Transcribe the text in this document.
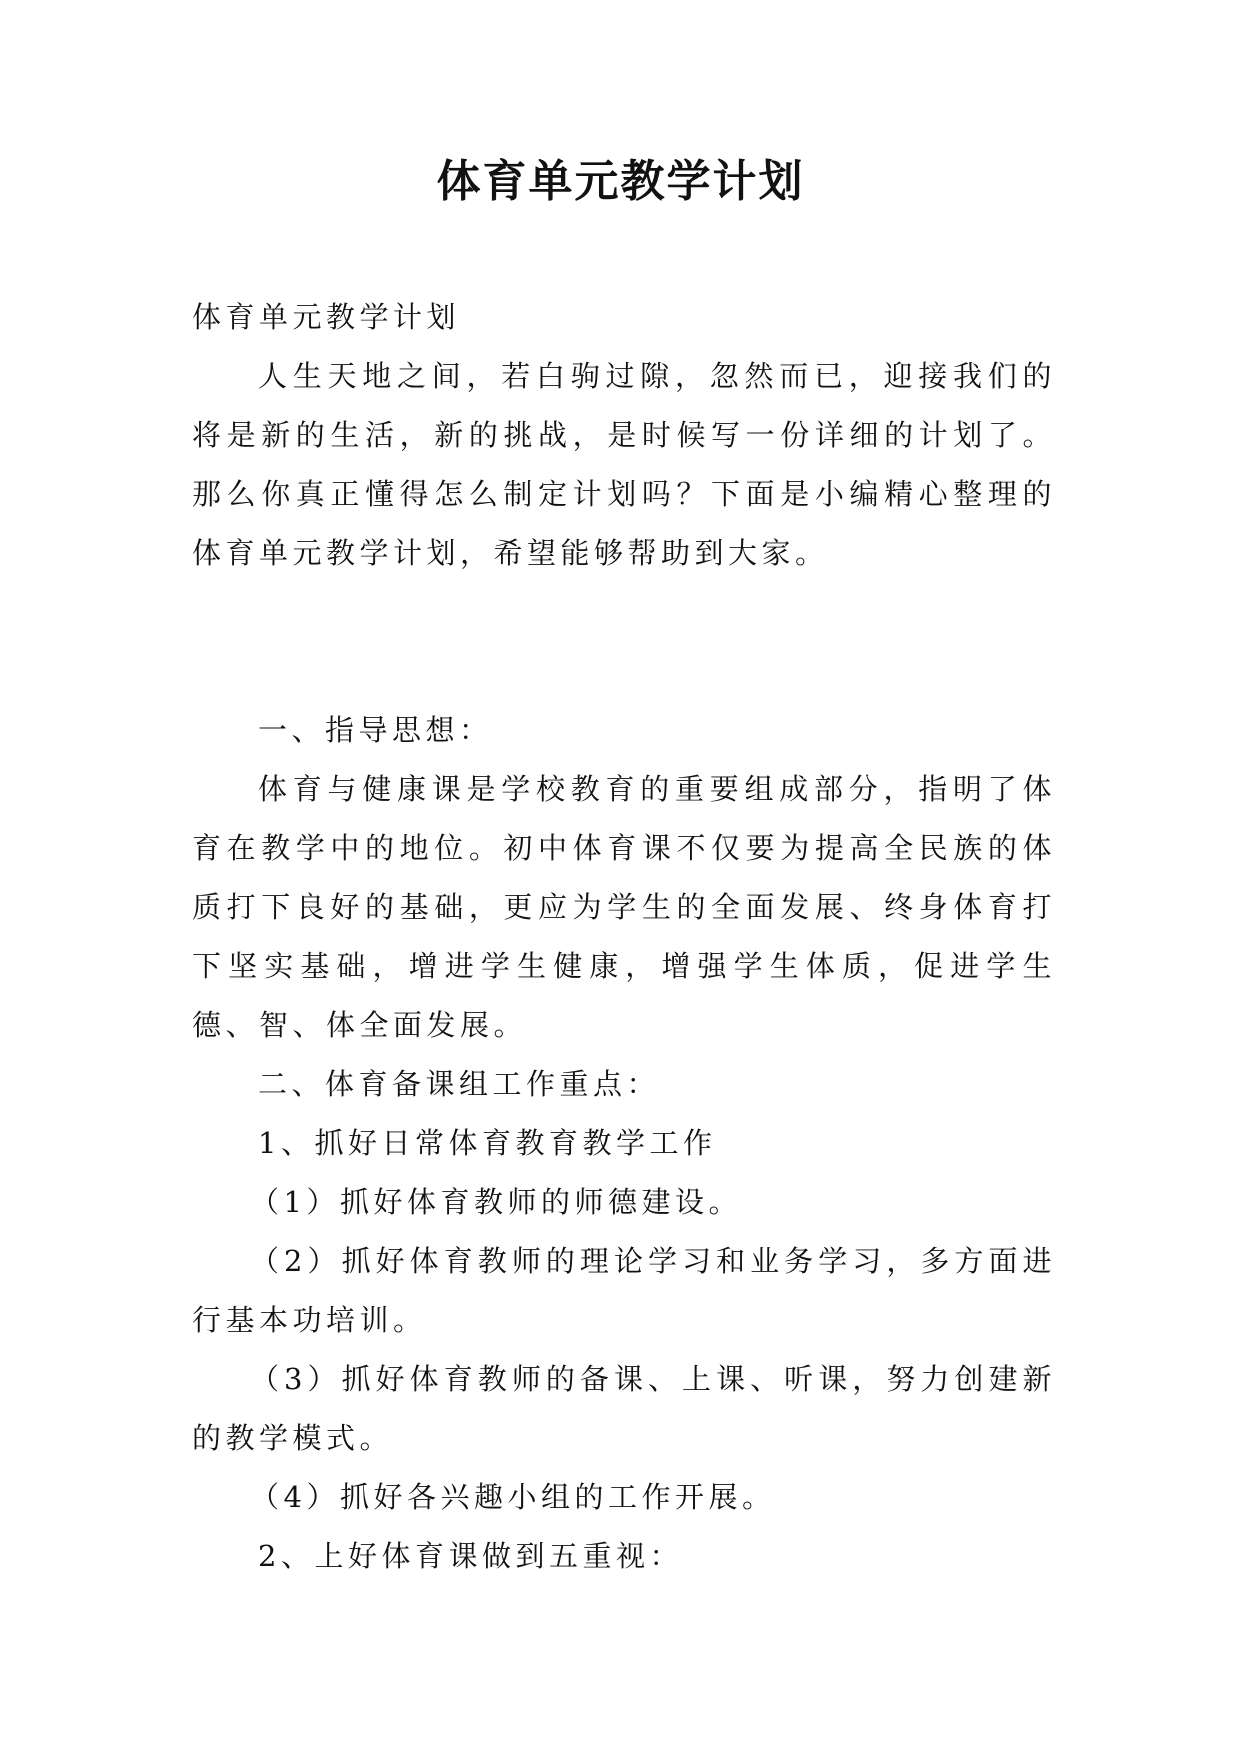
体育单元教学计划

体育单元教学计划

人生天地之间，若白驹过隙，忽然而已，迎接我们的将是新的生活，新的挑战，是时候写一份详细的计划了。那么你真正懂得怎么制定计划吗？下面是小编精心整理的体育单元教学计划，希望能够帮助到大家。

一、指导思想：

体育与健康课是学校教育的重要组成部分，指明了体育在教学中的地位。初中体育课不仅要为提高全民族的体质打下良好的基础，更应为学生的全面发展、终身体育打下坚实基础，增进学生健康，增强学生体质，促进学生德、智、体全面发展。

二、体育备课组工作重点：

1、抓好日常体育教育教学工作

（1）抓好体育教师的师德建设。

（2）抓好体育教师的理论学习和业务学习，多方面进行基本功培训。

（3）抓好体育教师的备课、上课、听课，努力创建新的教学模式。

（4）抓好各兴趣小组的工作开展。

2、上好体育课做到五重视：
